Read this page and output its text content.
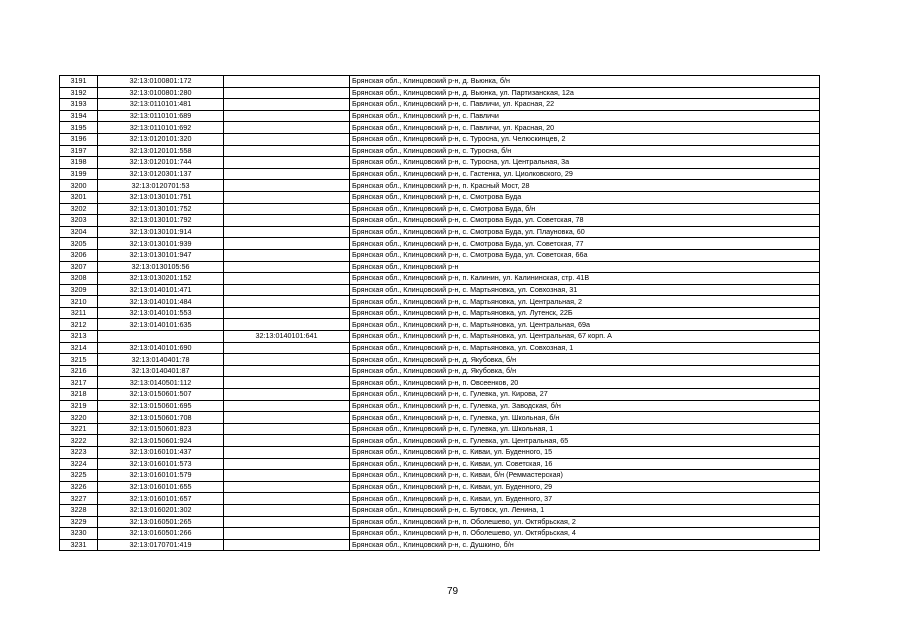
3191	32:13:0100801:172		Брянская обл., Клинцовский р-н, д. Вьюнка, б/н
3192	32:13:0100801:280		Брянская обл., Клинцовский р-н, д. Вьюнка, ул. Партизанская, 12а
3193	32:13:0110101:481		Брянская обл., Клинцовский р-н, с. Павличи, ул. Красная, 22
3194	32:13:0110101:689		Брянская обл., Клинцовский р-н, с. Павличи
3195	32:13:0110101:692		Брянская обл., Клинцовский р-н, с. Павличи, ул. Красная, 20
3196	32:13:0120101:320		Брянская обл., Клинцовский р-н, с. Туросна, ул. Челюскинцев, 2
3197	32:13:0120101:558		Брянская обл., Клинцовский р-н, с. Туросна, б/н
3198	32:13:0120101:744		Брянская обл., Клинцовский р-н, с. Туросна, ул. Центральная, 3а
3199	32:13:0120301:137		Брянская обл., Клинцовский р-н, с. Гастенка, ул. Циолковского, 29
3200	32:13:0120701:53		Брянская обл., Клинцовский р-н, п. Красный Мост, 28
3201	32:13:0130101:751		Брянская обл., Клинцовский р-н, с. Смотрова Буда
3202	32:13:0130101:752		Брянская обл., Клинцовский р-н, с. Смотрова Буда, б/н
3203	32:13:0130101:792		Брянская обл., Клинцовский р-н, с. Смотрова Буда, ул. Советская, 78
3204	32:13:0130101:914		Брянская обл., Клинцовский р-н, с. Смотрова Буда, ул. Плауновка, 60
3205	32:13:0130101:939		Брянская обл., Клинцовский р-н, с. Смотрова Буда, ул. Советская, 77
3206	32:13:0130101:947		Брянская обл., Клинцовский р-н, с. Смотрова Буда, ул. Советская, 66а
3207	32:13:0130105:56		Брянская обл., Клинцовский р-н
3208	32:13:0130201:152		Брянская обл., Клинцовский р-н, п. Калинин, ул. Калининская, стр. 41В
3209	32:13:0140101:471		Брянская обл., Клинцовский р-н, с. Мартьяновка, ул. Совхозная, 31
3210	32:13:0140101:484		Брянская обл., Клинцовский р-н, с. Мартьяновка, ул. Центральная, 2
3211	32:13:0140101:553		Брянская обл., Клинцовский р-н, с. Мартьяновка, ул. Лутенск, 22Б
3212	32:13:0140101:635		Брянская обл., Клинцовский р-н, с. Мартьяновка, ул. Центральная, 69а
3213		32:13:0140101:641	Брянская обл., Клинцовский р-н, с. Мартьяновка, ул. Центральная, 67 корп. А
3214	32:13:0140101:690		Брянская обл., Клинцовский р-н, с. Мартьяновка, ул. Совхозная, 1
3215	32:13:0140401:78		Брянская обл., Клинцовский р-н, д. Якубовка, б/н
3216	32:13:0140401:87		Брянская обл., Клинцовский р-н, д. Якубовка, б/н
3217	32:13:0140501:112		Брянская обл., Клинцовский р-н, п. Овсеенков, 20
3218	32:13:0150601:507		Брянская обл., Клинцовский р-н, с. Гулевка, ул. Кирова, 27
3219	32:13:0150601:695		Брянская обл., Клинцовский р-н, с. Гулевка, ул. Заводская, б/н
3220	32:13:0150601:708		Брянская обл., Клинцовский р-н, с. Гулевка, ул. Школьная, б/н
3221	32:13:0150601:823		Брянская обл., Клинцовский р-н, с. Гулевка, ул. Школьная, 1
3222	32:13:0150601:924		Брянская обл., Клинцовский р-н, с. Гулевка, ул. Центральная, 65
3223	32:13:0160101:437		Брянская обл., Клинцовский р-н, с. Киваи, ул. Буденного, 15
3224	32:13:0160101:573		Брянская обл., Клинцовский р-н, с. Киваи, ул. Советская, 16
3225	32:13:0160101:579		Брянская обл., Клинцовский р-н, с. Киваи, б/н (Реммастерская)
3226	32:13:0160101:655		Брянская обл., Клинцовский р-н, с. Киваи, ул. Буденного, 29
3227	32:13:0160101:657		Брянская обл., Клинцовский р-н, с. Киваи, ул. Буденного, 37
3228	32:13:0160201:302		Брянская обл., Клинцовский р-н, с. Бутовск, ул. Ленина, 1
3229	32:13:0160501:265		Брянская обл., Клинцовский р-н, п. Оболешево, ул. Октябрьская, 2
3230	32:13:0160501:266		Брянская обл., Клинцовский р-н, п. Оболешево, ул. Октябрьская, 4
3231	32:13:0170701:419		Брянская обл., Клинцовский р-н, с. Душкино, б/н
79
